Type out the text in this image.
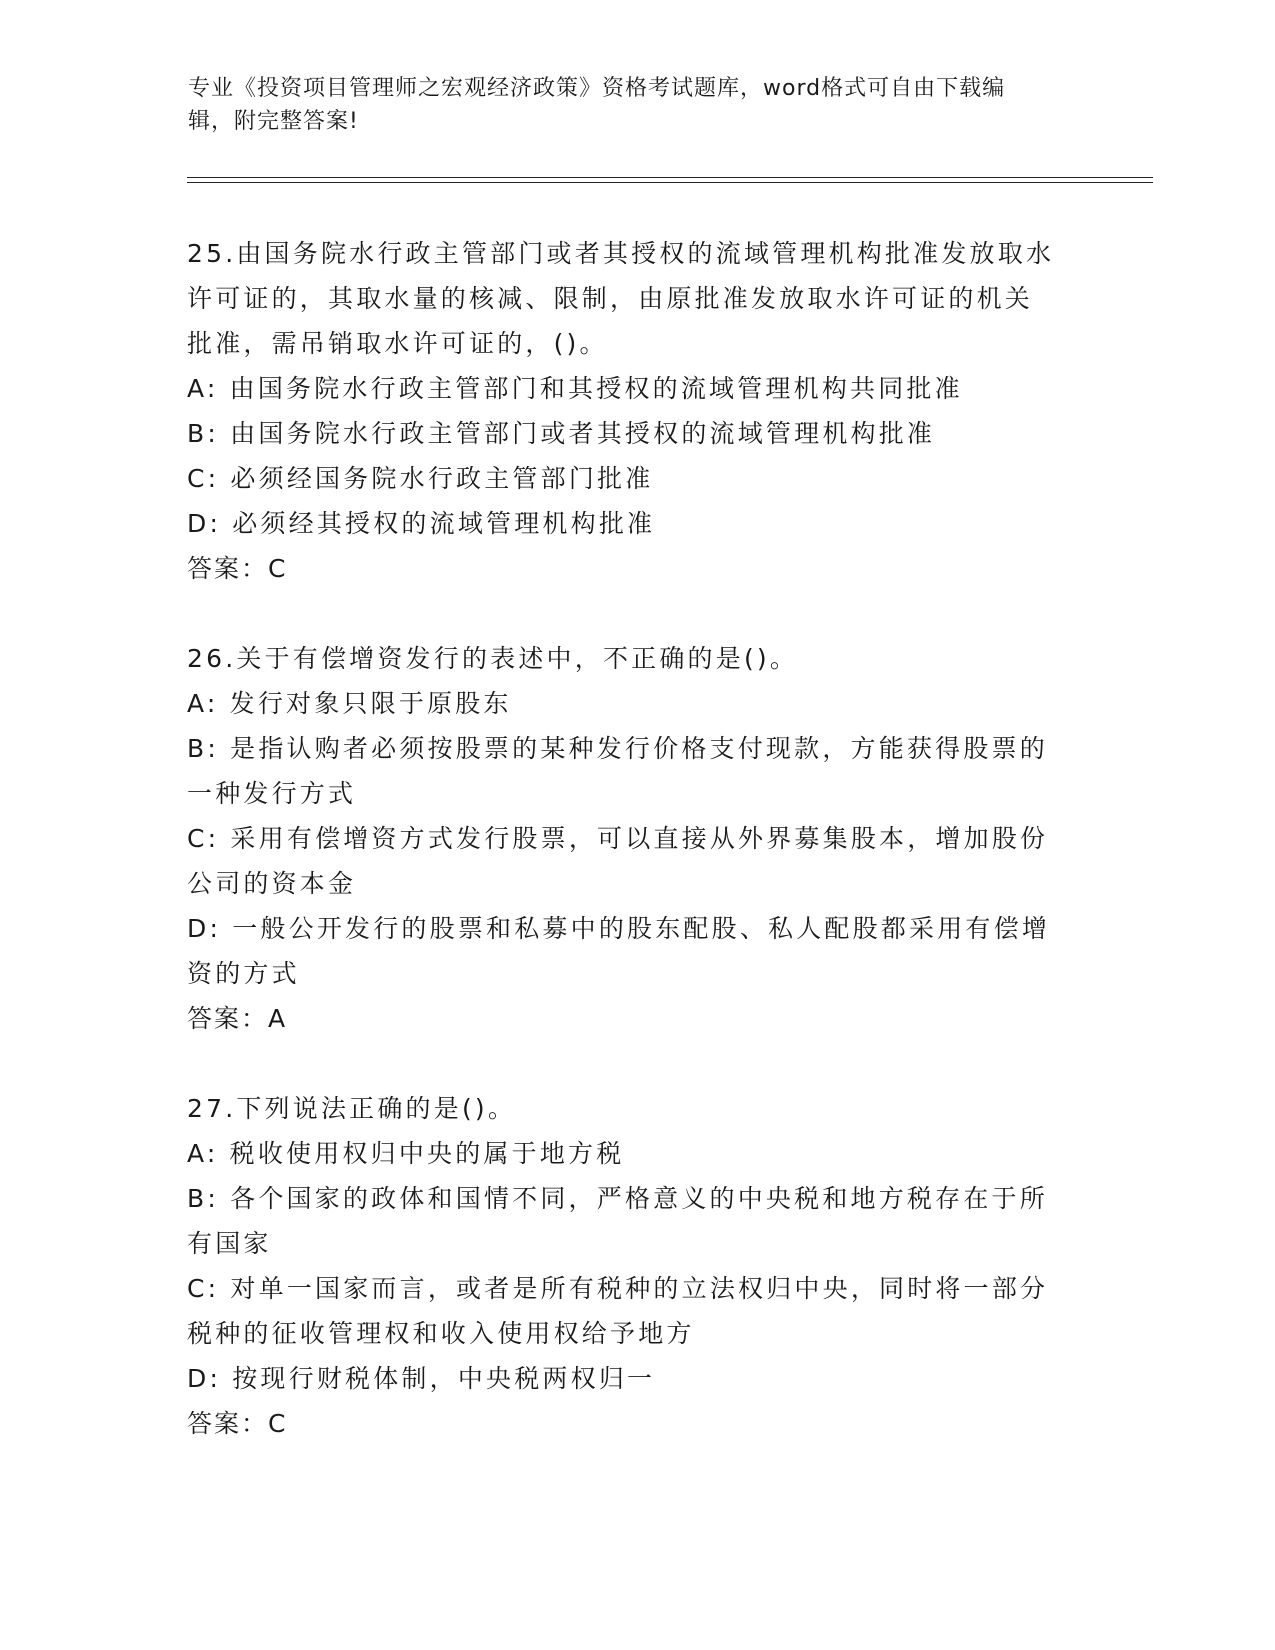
专业《投资项目管理师之宏观经济政策》资格考试题库，word格式可自由下载编
辑，附完整答案!
25.由国务院水行政主管部门或者其授权的流域管理机构批准发放取水
许可证的，其取水量的核减、限制，由原批准发放取水许可证的机关
批准，需吊销取水许可证的，()。
A: 由国务院水行政主管部门和其授权的流域管理机构共同批准
B: 由国务院水行政主管部门或者其授权的流域管理机构批准
C: 必须经国务院水行政主管部门批准
D: 必须经其授权的流域管理机构批准
答案：C
26.关于有偿增资发行的表述中，不正确的是()。
A: 发行对象只限于原股东
B: 是指认购者必须按股票的某种发行价格支付现款，方能获得股票的
一种发行方式
C: 采用有偿增资方式发行股票，可以直接从外界募集股本，增加股份
公司的资本金
D: 一般公开发行的股票和私募中的股东配股、私人配股都采用有偿增
资的方式
答案：A
27.下列说法正确的是()。
A: 税收使用权归中央的属于地方税
B: 各个国家的政体和国情不同，严格意义的中央税和地方税存在于所
有国家
C: 对单一国家而言，或者是所有税种的立法权归中央，同时将一部分
税种的征收管理权和收入使用权给予地方
D: 按现行财税体制，中央税两权归一
答案：C
